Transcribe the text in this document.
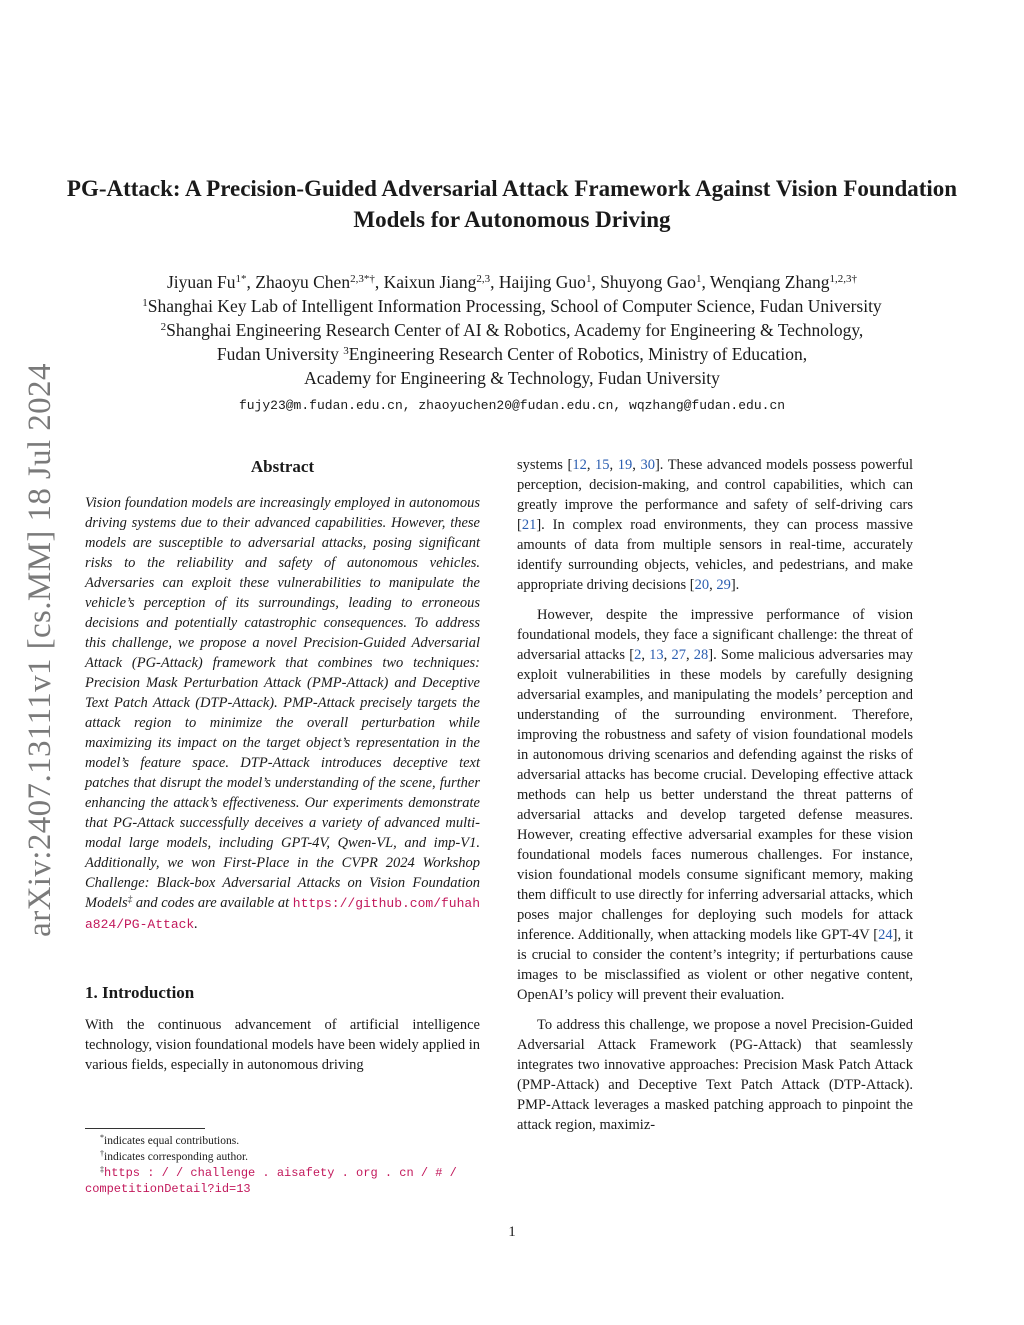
arXiv:2407.13111v1 [cs.MM] 18 Jul 2024
PG-Attack: A Precision-Guided Adversarial Attack Framework Against Vision Foundation Models for Autonomous Driving

Jiyuan $Fu^{1*}$, Zhaoyu Chen$^{2,3*\dagger}$, Kaixun Jiang$^{2,3}$, Haijing Guo$^1$, Shuyong Gao$^1$, Wenqiang Zhang$^{1,2,3\dagger}$

$^1$Shanghai Key Lab of Intelligent Information Processing, School of Computer Science, Fudan University

$^2$Shanghai Engineering Research Center of AI & Robotics, Academy for Engineering & Technology,

Fudan University $^3$Engineering Research Center of Robotics, Ministry of Education,

Academy for Engineering & Technology, Fudan University

fujy23@m.fudan.edu.cn, zhaoyuchen20@fudan.edu.cn, wqzhang@fudan.edu.cn

Abstract

Vision foundation models are increasingly employed in autonomous driving systems due to their advanced capabilities. However, these models are susceptible to adversarial attacks, posing significant risks to the reliability and safety of autonomous vehicles. Adversaries can exploit these vulnerabilities to manipulate the vehicle’s perception of its surroundings, leading to erroneous decisions and potentially catastrophic consequences. To address this challenge, we propose a novel Precision-Guided Adversarial Attack (PG-Attack) framework that combines two techniques: Precision Mask Perturbation Attack (PMP-Attack) and Deceptive Text Patch Attack (DTP-Attack). PMP-Attack precisely targets the attack region to minimize the overall perturbation while maximizing its impact on the target object’s representation in the model’s feature space. DTP-Attack introduces deceptive text patches that disrupt the model’s understanding of the scene, further enhancing the attack’s effectiveness. Our experiments demonstrate that PG-Attack successfully deceives a variety of advanced multi-modal large models, including GPT-4V, Qwen-VL, and imp-V1. Additionally, we won First-Place in the CVPR 2024 Workshop Challenge: Black-box Adversarial Attacks on Vision Foundation Models‡ and codes are available at https://github.com/fuhaha824/PG-Attack.

1. Introduction

With the continuous advancement of artificial intelligence technology, vision foundational models have been widely applied in various fields, especially in autonomous driving

systems [12, 15, 19, 30]. These advanced models possess powerful perception, decision-making, and control capabilities, which can greatly improve the performance and safety of self-driving cars [21]. In complex road environments, they can process massive amounts of data from multiple sensors in real-time, accurately identify surrounding objects, vehicles, and pedestrians, and make appropriate driving decisions [20, 29].

However, despite the impressive performance of vision foundational models, they face a significant challenge: the threat of adversarial attacks [2, 13, 27, 28]. Some malicious adversaries may exploit vulnerabilities in these models by carefully designing adversarial examples, and manipulating the models’ perception and understanding of the surrounding environment. Therefore, improving the robustness and safety of vision foundational models in autonomous driving scenarios and defending against the risks of adversarial attacks has become crucial. Developing effective attack methods can help us better understand the threat patterns of adversarial attacks and develop targeted defense measures. However, creating effective adversarial examples for these vision foundational models faces numerous challenges. For instance, vision foundational models consume significant memory, making them difficult to use directly for inferring adversarial attacks, which poses major challenges for deploying such models for attack inference. Additionally, when attacking models like GPT-4V [24], it is crucial to consider the content’s integrity; if perturbations cause images to be misclassified as violent or other negative content, OpenAI’s policy will prevent their evaluation.

To address this challenge, we propose a novel Precision-Guided Adversarial Attack Framework (PG-Attack) that seamlessly integrates two innovative approaches: Precision Mask Patch Attack (PMP-Attack) and Deceptive Text Patch Attack (DTP-Attack). PMP-Attack leverages a masked patching approach to pinpoint the attack region, maximiz-

*indicates equal contributions.

†indicates corresponding author.

‡https : / / challenge . aisafety . org . cn / # /

competitionDetail?id=13

1
